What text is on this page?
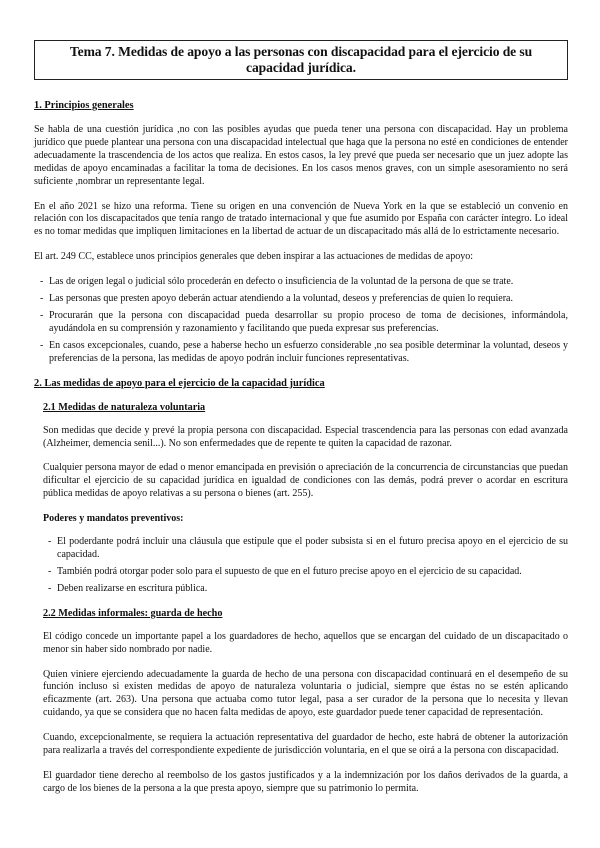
Tema 7. Medidas de apoyo a las personas con discapacidad para el ejercicio de su capacidad jurídica.
1. Principios generales

Se habla de una cuestión jurídica ,no con las posibles ayudas que pueda tener una persona con discapacidad. Hay un problema jurídico que puede plantear una persona con una discapacidad intelectual que haga que la persona no esté en condiciones de entender adecuadamente la trascendencia de los actos que realiza. En estos casos, la ley prevé que pueda ser necesario que un juez adopte las medidas de apoyo encaminadas a facilitar la toma de decisiones. En los casos menos graves, con un simple asesoramiento no será suficiente ,nombrar un representante legal.

En el año 2021 se hizo una reforma. Tiene su origen en una convención de Nueva York en la que se estableció un convenio en relación con los discapacitados que tenía rango de tratado internacional y que fue asumido por España con carácter íntegro. Lo ideal es no tomar medidas que impliquen limitaciones en la libertad de actuar de un discapacitado más allá de lo estrictamente necesario.

El art. 249 CC, establece unos principios generales que deben inspirar a las actuaciones de medidas de apoyo:

- Las de origen legal o judicial sólo procederán en defecto o insuficiencia de la voluntad de la persona de que se trate.
- Las personas que presten apoyo deberán actuar atendiendo a la voluntad, deseos y preferencias de quien lo requiera.
- Procurarán que la persona con discapacidad pueda desarrollar su propio proceso de toma de decisiones, informándola, ayudándola en su comprensión y razonamiento y facilitando que pueda expresar sus preferencias.
- En casos excepcionales, cuando, pese a haberse hecho un esfuerzo considerable ,no sea posible determinar la voluntad, deseos y preferencias de la persona, las medidas de apoyo podrán incluir funciones representativas.
2. Las medidas de apoyo para el ejercicio de la capacidad jurídica
2.1 Medidas de naturaleza voluntaria

Son medidas que decide y prevé la propia persona con discapacidad. Especial trascendencia para las personas con edad avanzada (Alzheimer, demencia senil...). No son enfermedades que de repente te quiten la capacidad de razonar.

Cualquier persona mayor de edad o menor emancipada en previsión o apreciación de la concurrencia de circunstancias que puedan dificultar el ejercicio de su capacidad jurídica en igualdad de condiciones con las demás, podrá prever o acordar en escritura pública medidas de apoyo relativas a su persona o bienes (art. 255).

Poderes y mandatos preventivos:
- El poderdante podrá incluir una cláusula que estipule que el poder subsista si en el futuro precisa apoyo en el ejercicio de su capacidad.
- También podrá otorgar poder solo para el supuesto de que en el futuro precise apoyo en el ejercicio de su capacidad.
- Deben realizarse en escritura pública.
2.2 Medidas informales: guarda de hecho

El código concede un importante papel a los guardadores de hecho, aquellos que se encargan del cuidado de un discapacitado o menor sin haber sido nombrado por nadie.

Quien viniere ejerciendo adecuadamente la guarda de hecho de una persona con discapacidad continuará en el desempeño de su función incluso si existen medidas de apoyo de naturaleza voluntaria o judicial, siempre que éstas no se estén aplicando eficazmente (art. 263). Una persona que actuaba como tutor legal, pasa a ser curador de la persona que lo necesita y llevan cuidando, ya que se considera que no hacen falta medidas de apoyo, este guardador puede tener capacidad de representación.

Cuando, excepcionalmente, se requiera la actuación representativa del guardador de hecho, este habrá de obtener la autorización para realizarla a través del correspondiente expediente de jurisdicción voluntaria, en el que se oirá a la persona con discapacidad.

El guardador tiene derecho al reembolso de los gastos justificados y a la indemnización por los daños derivados de la guarda, a cargo de los bienes de la persona a la que presta apoyo, siempre que su patrimonio lo permita.
